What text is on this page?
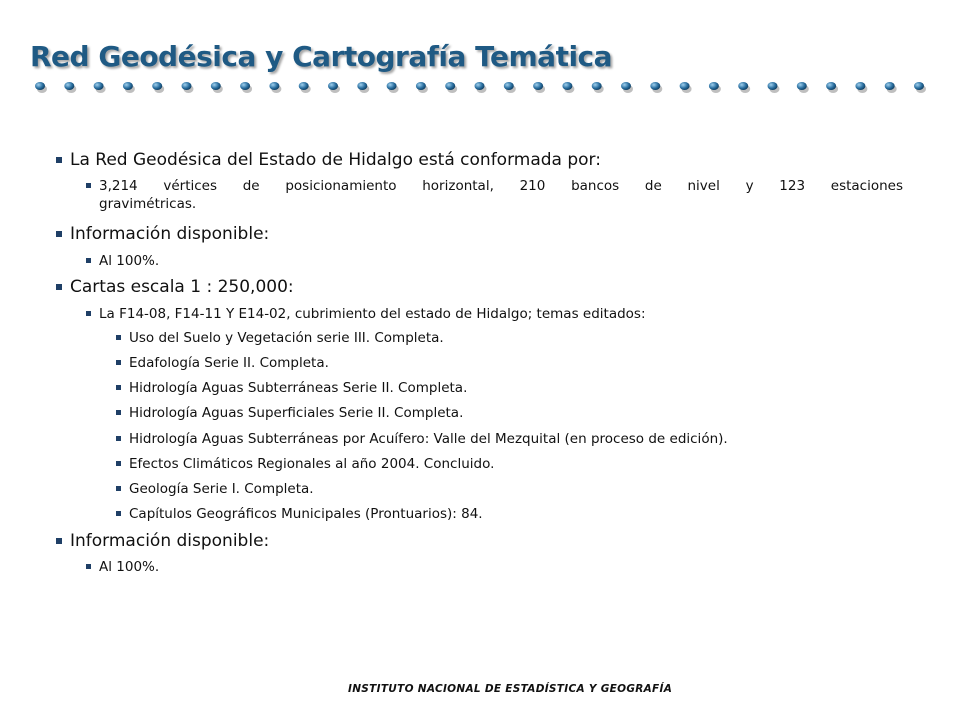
Red Geodésica y Cartografía Temática
La Red Geodésica del Estado de Hidalgo está conformada por:
3,214 vértices de posicionamiento horizontal, 210 bancos de nivel y 123 estaciones
gravimétricas.
Información disponible:
Al 100%.
Cartas escala 1 : 250,000:
La F14-08, F14-11 Y E14-02, cubrimiento del estado de Hidalgo; temas editados:
Uso del Suelo y Vegetación serie III. Completa.
Edafología Serie II. Completa.
Hidrología Aguas Subterráneas Serie II. Completa.
Hidrología Aguas Superficiales Serie II. Completa.
Hidrología Aguas Subterráneas por Acuífero: Valle del Mezquital (en proceso de edición).
Efectos Climáticos Regionales al año 2004. Concluido.
Geología Serie I. Completa.
Capítulos Geográficos Municipales (Prontuarios): 84.
Información disponible:
Al 100%.
INSTITUTO NACIONAL DE ESTADÍSTICA Y GEOGRAFÍA
